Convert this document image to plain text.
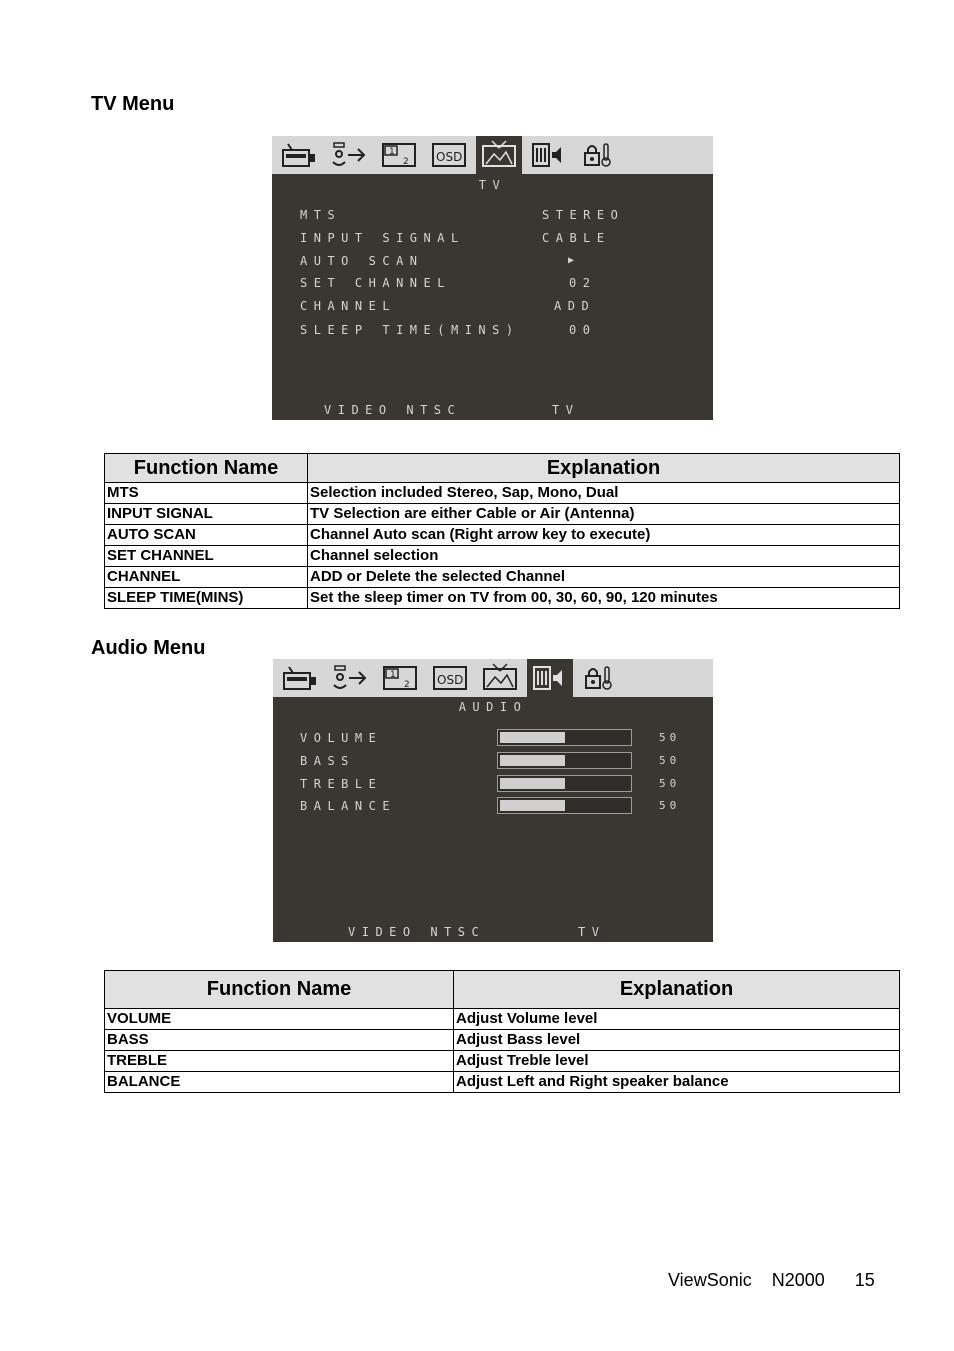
TV Menu
1
2 OSD
TV
MTS	STEREO
INPUT SIGNAL	CABLE
AUTO SCAN	▶
SET CHANNEL	02
CHANNEL	ADD
SLEEP TIME(MINS)	00
VIDEO NTSC	TV
Function Name	Explanation
MTS	Selection included Stereo, Sap, Mono, Dual
INPUT SIGNAL	TV Selection are either Cable or Air (Antenna)
AUTO SCAN	Channel Auto scan (Right arrow key to execute)
SET CHANNEL	Channel selection
CHANNEL	ADD or Delete the selected Channel
SLEEP TIME(MINS)	Set the sleep timer on TV from 00, 30, 60, 90, 120 minutes
Audio Menu
1
2 OSD
AUDIO
VOLUME	50
BASS	50
TREBLE	50
BALANCE	50
VIDEO NTSC	TV
Function Name	Explanation
VOLUME	Adjust Volume level
BASS	Adjust Bass level
TREBLE	Adjust Treble level
BALANCE	Adjust Left and Right speaker balance
ViewSonic N2000 15
